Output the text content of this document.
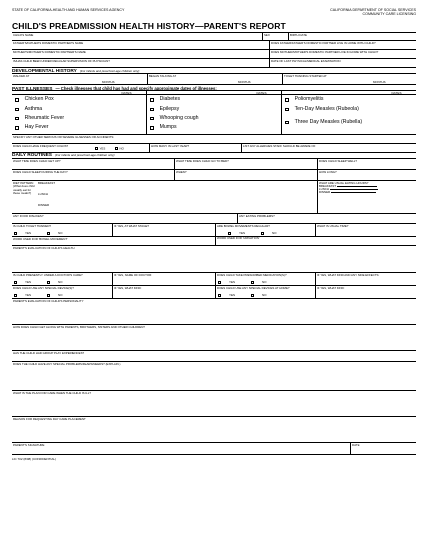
STATE OF CALIFORNIA-HEALTH AND HUMAN SERVICES AGENCY	CALIFORNIA DEPARTMENT OF SOCIAL SERVICES
COMMUNITY CARE LICENSING
CHILD'S PREADMISSION HEALTH HISTORY—PARENT'S REPORT
CHILD'S NAME	SEX	BIRTH DATE
FATHER'S/FATHER'S DOMESTIC PARTNER'S NAME	DOES FATHER/FATHER'S DOMESTIC PARTNER LIVE IN HOME WITH CHILD?
MOTHER'S/MOTHER'S DOMESTIC PARTNER'S NAME	DOES MOTHER/MOTHER'S DOMESTIC PARTNER LIVE IN HOME WITH CHILD?
IS/HAS CHILD BEEN UNDER REGULAR SUPERVISION OF PHYSICIAN?	DATE OF LAST PHYSICAL/MEDICAL EXAMINATION
DEVELOPMENTAL HISTORY (For infants and preschool-age children only)
WALKED AT
MONTHS
BEGAN TALKING AT
MONTHS
TOILET TRAINING STARTED AT
MONTHS
PAST ILLNESSES — Check illnesses that child has had and specify approximate dates of illnesses:
DATES
Chicken Pox
Asthma
Rheumatic Fever
Hay Fever
DATES
Diabetes
Epilepsy
Whooping cough
Mumps
DATES
Poliomyelitis
Ten-Day Measles (Rubeola)
Three Day Measles (Rubella)
SPECIFY ANY OTHER SERIOUS OR SEVERE ILLNESSES OR ACCIDENTS:
DOES CHILD HAVE FREQUENT COLDS?
YES	NO
HOW MANY IN LAST YEAR?	LIST ANY ALLERGIES STAFF SHOULD BE AWARE OF
DAILY ROUTINES (For infants and preschool-age children only)
WHAT TIME DOES CHILD GET UP?	WHAT TIME DOES CHILD GO TO BED?	DOES CHILD SLEEP WELL?
DOES CHILD SLEEP DURING THE DAY?	WHEN?	HOW LONG?
DIET PATTERN
(What does child usually eat for these meals?)
BREAKFAST
LUNCH
DINNER
WHAT ARE USUAL EATING HOURS?
BREAKFAST
LUNCH
DINNER
ANY FOOD DISLIKES?	ANY EATING PROBLEMS?
IS CHILD TOILET TRAINED?
YES	NO
IF YES, AT WHAT STAGE?	ARE BOWEL MOVEMENTS REGULAR?
YES	NO
WHAT IS USUAL TIME?
WORD USED FOR 'BOWEL MOVEMENT'	WORD USED FOR 'URINATION'
PARENT'S EVALUATION OF CHILD'S HEALTH
IS CHILD PRESENTLY UNDER A DOCTOR'S CARE?
YES	NO
IF YES, NAME OF DOCTOR:	DOES CHILD TAKE PRESCRIBED MEDICATION(S)?
YES	NO
IF YES, WHAT KIND AND ANY SIDE EFFECTS:
DOES CHILD USE ANY SPECIAL DEVICE(S)?
YES	NO
IF YES, WHAT KIND:	DOES CHILD USE ANY SPECIAL DEVICES AT HOME?
YES	NO
IF YES, WHAT KIND:
PARENT'S EVALUATION OF CHILD'S PERSONALITY
HOW DOES CHILD GET ALONG WITH PARENTS, BROTHERS, SISTERS AND OTHER CHILDREN?
HAS THE CHILD HAD GROUP PLAY EXPERIENCES?
DOES THE CHILD HAVE ANY SPECIAL PROBLEMS/FEARS/NEEDS? (EXPLAIN.)
WHAT IS THE PLAN FOR CARE WHEN THE CHILD IS ILL?
REASON FOR REQUESTING DAY CARE PLACEMENT
PARENT'S SIGNATURE	DATE
LIC 702 (8/08) (CONFIDENTIAL)
